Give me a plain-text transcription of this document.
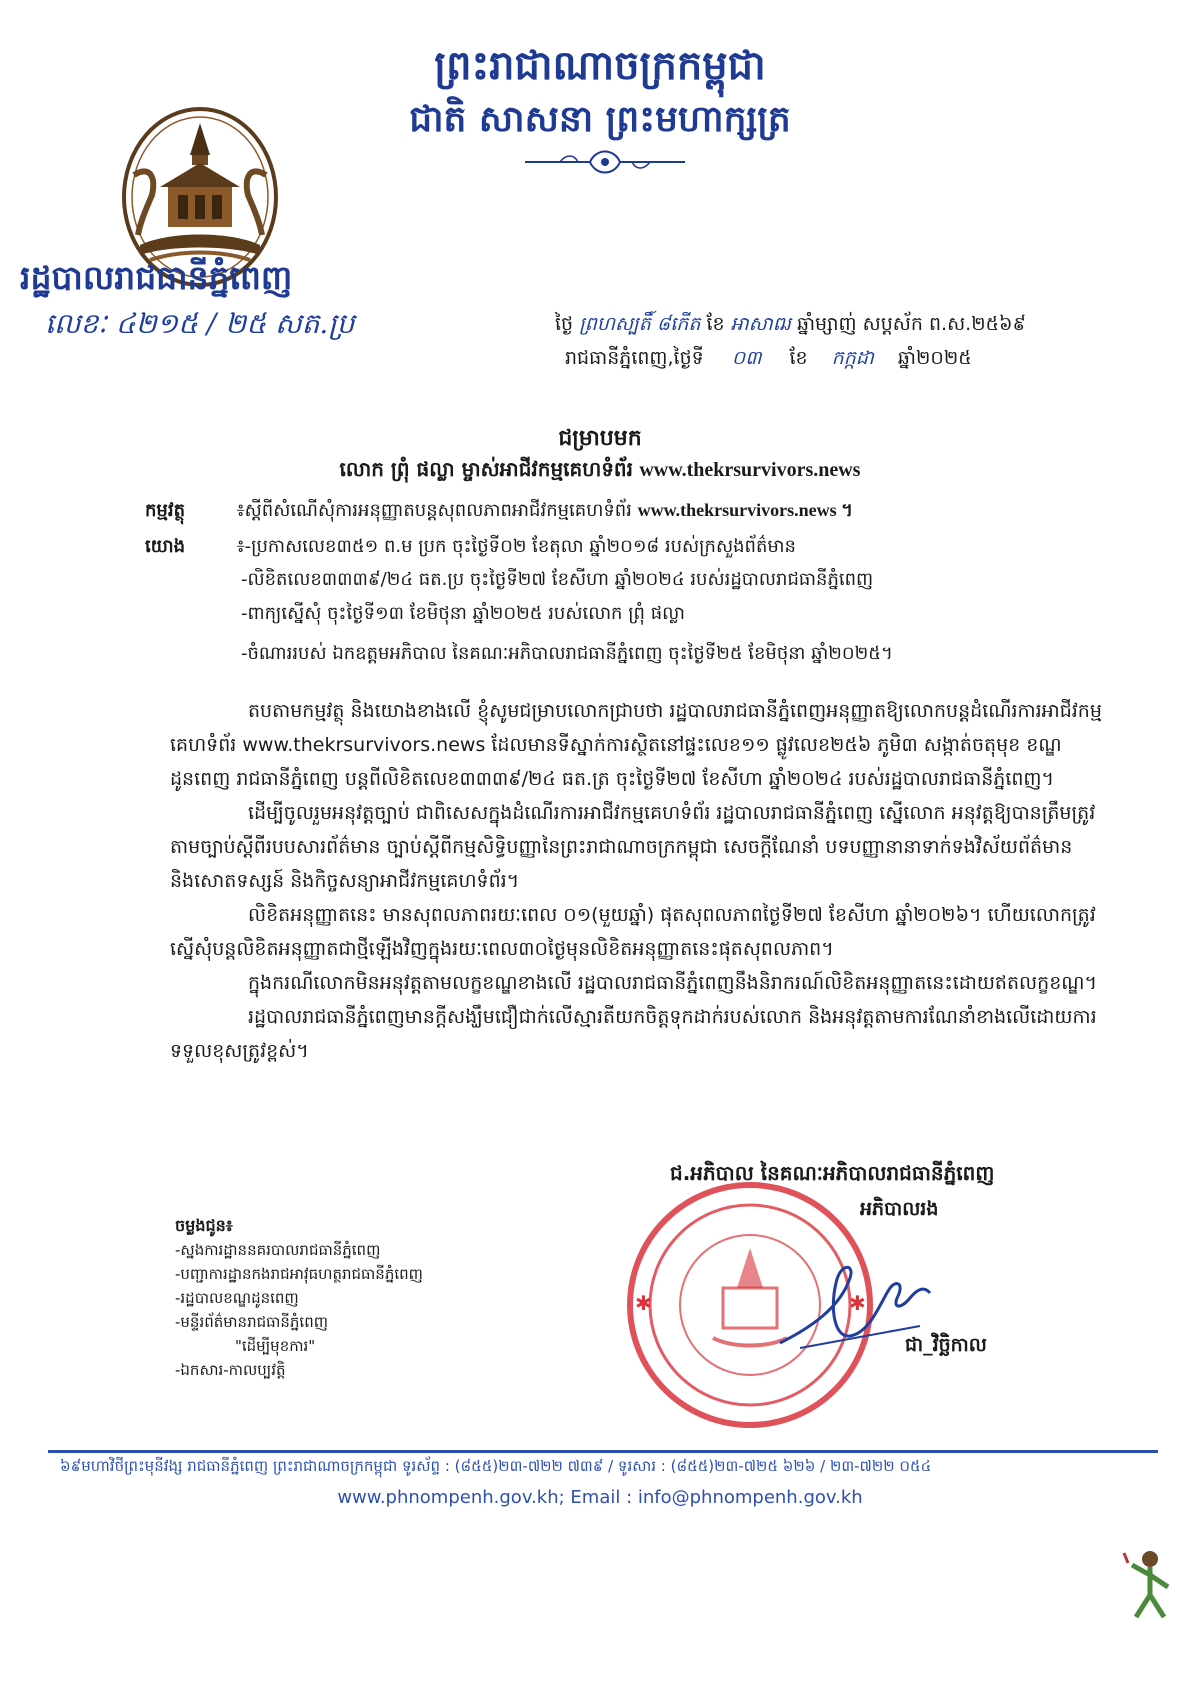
ព្រះរាជាណាចក្រកម្ពុជា
ជាតិ សាសនា ព្រះមហាក្សត្រ
រដ្ឋបាលរាជធានីភ្នំពេញ
លេខៈ ៤២១៥ / ២៥ សត.ប្រ	ថ្ងៃ ព្រហស្បតិ៍ ៨កើត ខែ អាសាឍ ឆ្នាំម្សាញ់ សប្តស័ក ព.ស.២៥៦៩
រាជធានីភ្នំពេញ,ថ្ងៃទី ០៣ ខែ កក្កដា ឆ្នាំ២០២៥
ជម្រាបមក
លោក ព្រុំ ផល្លា ម្ចាស់អាជីវកម្មគេហទំព័រ www.thekrsurvivors.news
កម្មវត្ថុ	៖ស្តីពីសំណើសុំការអនុញ្ញាតបន្តសុពលភាពអាជីវកម្មគេហទំព័រ www.thekrsurvivors.news ។
យោង	៖-ប្រកាសលេខ៣៥១ ព.ម ប្រក ចុះថ្ងៃទី០២ ខែតុលា ឆ្នាំ២០១៨ របស់ក្រសួងព័ត៌មាន
-លិខិតលេខ៣៣៣៩/២៤ ធត.ប្រ ចុះថ្ងៃទី២៧ ខែសីហា ឆ្នាំ២០២៤ របស់រដ្ឋបាលរាជធានីភ្នំពេញ
-ពាក្យស្នើសុំ ចុះថ្ងៃទី១៣ ខែមិថុនា ឆ្នាំ២០២៥ របស់លោក ព្រុំ ផល្លា
-ចំណាររបស់ ឯកឧត្តមអភិបាល នៃគណៈអភិបាលរាជធានីភ្នំពេញ ចុះថ្ងៃទី២៥ ខែមិថុនា ឆ្នាំ២០២៥។

តបតាមកម្មវត្ថុ និងយោងខាងលើ ខ្ញុំសូមជម្រាបលោកជ្រាបថា រដ្ឋបាលរាជធានីភ្នំពេញអនុញ្ញាតឱ្យលោកបន្តដំណើរការអាជីវកម្មគេហទំព័រ www.thekrsurvivors.news ដែលមានទីស្នាក់ការស្ថិតនៅផ្ទះលេខ១១ ផ្លូវលេខ២៥៦ ភូមិ៣ សង្កាត់ចតុមុខ ខណ្ឌដូនពេញ រាជធានីភ្នំពេញ បន្តពីលិខិតលេខ៣៣៣៩/២៤ ធត.ត្រ ចុះថ្ងៃទី២៧ ខែសីហា ឆ្នាំ២០២៤ របស់រដ្ឋបាលរាជធានីភ្នំពេញ។

ដើម្បីចូលរួមអនុវត្តច្បាប់ ជាពិសេសក្នុងដំណើរការអាជីវកម្មគេហទំព័រ រដ្ឋបាលរាជធានីភ្នំពេញ ស្នើលោក អនុវត្តឱ្យបានត្រឹមត្រូវតាមច្បាប់ស្តីពីរបបសារព័ត៌មាន ច្បាប់ស្តីពីកម្មសិទ្ធិបញ្ញានៃព្រះរាជាណាចក្រកម្ពុជា សេចក្តីណែនាំ បទបញ្ញានានាទាក់ទងវិស័យព័ត៌មាន និងសោតទស្សន៍ និងកិច្ចសន្យាអាជីវកម្មគេហទំព័រ។

លិខិតអនុញ្ញាតនេះ មានសុពលភាពរយៈពេល ០១(មួយឆ្នាំ) ផុតសុពលភាពថ្ងៃទី២៧ ខែសីហា ឆ្នាំ២០២៦។ ហើយលោកត្រូវស្នើសុំបន្តលិខិតអនុញ្ញាតជាថ្មីឡើងវិញក្នុងរយៈពេល៣០ថ្ងៃមុនលិខិតអនុញ្ញាតនេះផុតសុពលភាព។

ក្នុងករណីលោកមិនអនុវត្តតាមលក្ខខណ្ឌខាងលើ រដ្ឋបាលរាជធានីភ្នំពេញនឹងនិរាករណ៍លិខិតអនុញ្ញាតនេះដោយឥតលក្ខខណ្ឌ។

រដ្ឋបាលរាជធានីភ្នំពេញមានក្តីសង្ឃឹមជឿជាក់លើស្មារតីយកចិត្តទុកដាក់របស់លោក និងអនុវត្តតាមការណែនាំខាងលើដោយការទទួលខុសត្រូវខ្ពស់។

ជ.អភិបាល នៃគណៈអភិបាលរាជធានីភ្នំពេញ
អភិបាលរង
✱	✱
ជា_វិច្ឆិកាល
ចម្លងជូន៖
-ស្នងការដ្ឋាននគរបាលរាជធានីភ្នំពេញ
-បញ្ជាការដ្ឋានកងរាជអាវុធហត្ថរាជធានីភ្នំពេញ
-រដ្ឋបាលខណ្ឌដូនពេញ
-មន្ទីរព័ត៌មានរាជធានីភ្នំពេញ
"ដើម្បីមុខការ"
-ឯកសារ-កាលប្បវត្តិ
៦៩មហាវិថីព្រះមុនីវង្ស រាជធានីភ្នំពេញ ព្រះរាជាណាចក្រកម្ពុជា ទូរស័ព្ទ : (៨៥៥)២៣-៧២២ ៧៣៩ / ទូរសារ : (៨៥៥)២៣-៧២៥ ៦២៦ / ២៣-៧២២ ០៥៤
www.phnompenh.gov.kh; Email : info@phnompenh.gov.kh
